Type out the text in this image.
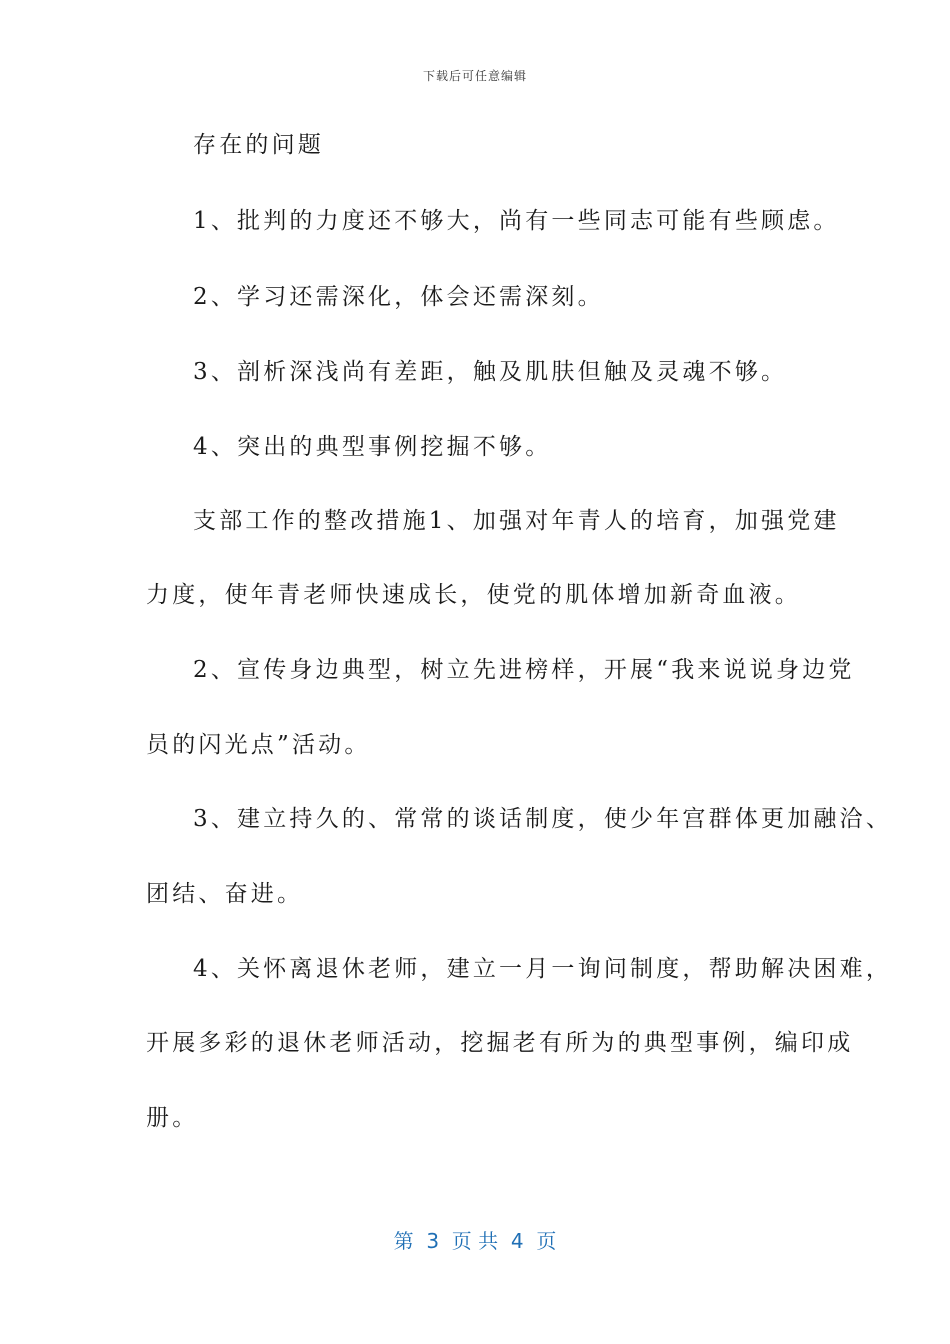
下载后可任意编辑
存在的问题
1、批判的力度还不够大，尚有一些同志可能有些顾虑。
2、学习还需深化，体会还需深刻。
3、剖析深浅尚有差距，触及肌肤但触及灵魂不够。
4、突出的典型事例挖掘不够。
支部工作的整改措施1、加强对年青人的培育，加强党建
力度，使年青老师快速成长，使党的肌体增加新奇血液。
2、宣传身边典型，树立先进榜样，开展“我来说说身边党
员的闪光点”活动。
3、建立持久的、常常的谈话制度，使少年宫群体更加融洽、
团结、奋进。
4、关怀离退休老师，建立一月一询问制度，帮助解决困难，
开展多彩的退休老师活动，挖掘老有所为的典型事例，编印成
册。
第  3  页 共  4  页
